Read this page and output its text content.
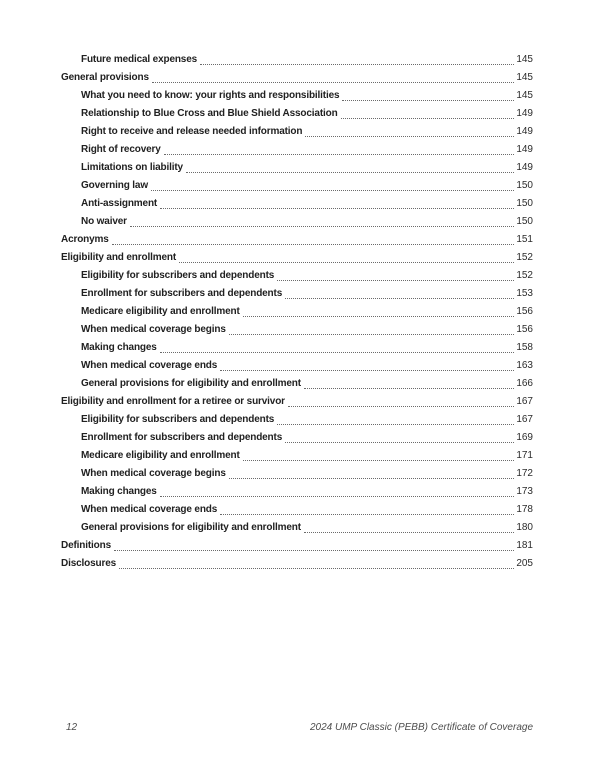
Future medical expenses	145
General provisions	145
What you need to know: your rights and responsibilities	145
Relationship to Blue Cross and Blue Shield Association	149
Right to receive and release needed information	149
Right of recovery	149
Limitations on liability	149
Governing law	150
Anti-assignment	150
No waiver	150
Acronyms	151
Eligibility and enrollment	152
Eligibility for subscribers and dependents	152
Enrollment for subscribers and dependents	153
Medicare eligibility and enrollment	156
When medical coverage begins	156
Making changes	158
When medical coverage ends	163
General provisions for eligibility and enrollment	166
Eligibility and enrollment for a retiree or survivor	167
Eligibility for subscribers and dependents	167
Enrollment for subscribers and dependents	169
Medicare eligibility and enrollment	171
When medical coverage begins	172
Making changes	173
When medical coverage ends	178
General provisions for eligibility and enrollment	180
Definitions	181
Disclosures	205
12	2024 UMP Classic (PEBB) Certificate of Coverage
